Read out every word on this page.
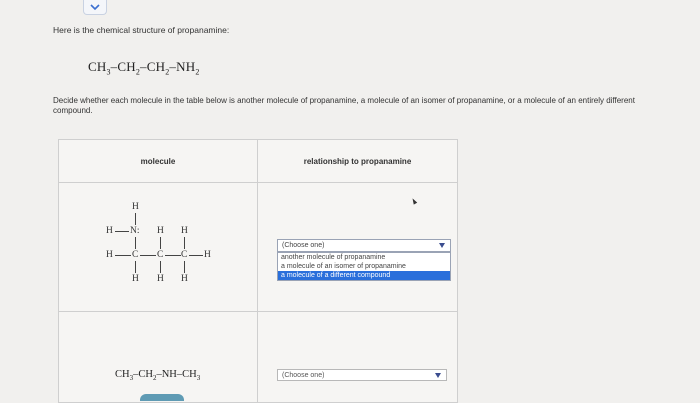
Here is the chemical structure of propanamine:
$CH_3-CH_2-CH_2-NH_2$
Decide whether each molecule in the table below is another molecule of propanamine, a molecule of an isomer of propanamine, or a molecule of an entirely different compound.
molecule	relationship to propanamine
H
H N: H H
H C C C H
H H H
(Choose one)
another molecule of propanamine
a molecule of an isomer of propanamine
a molecule of a different compound
$CH_3-CH_2-NH-CH_3$	(Choose one)
